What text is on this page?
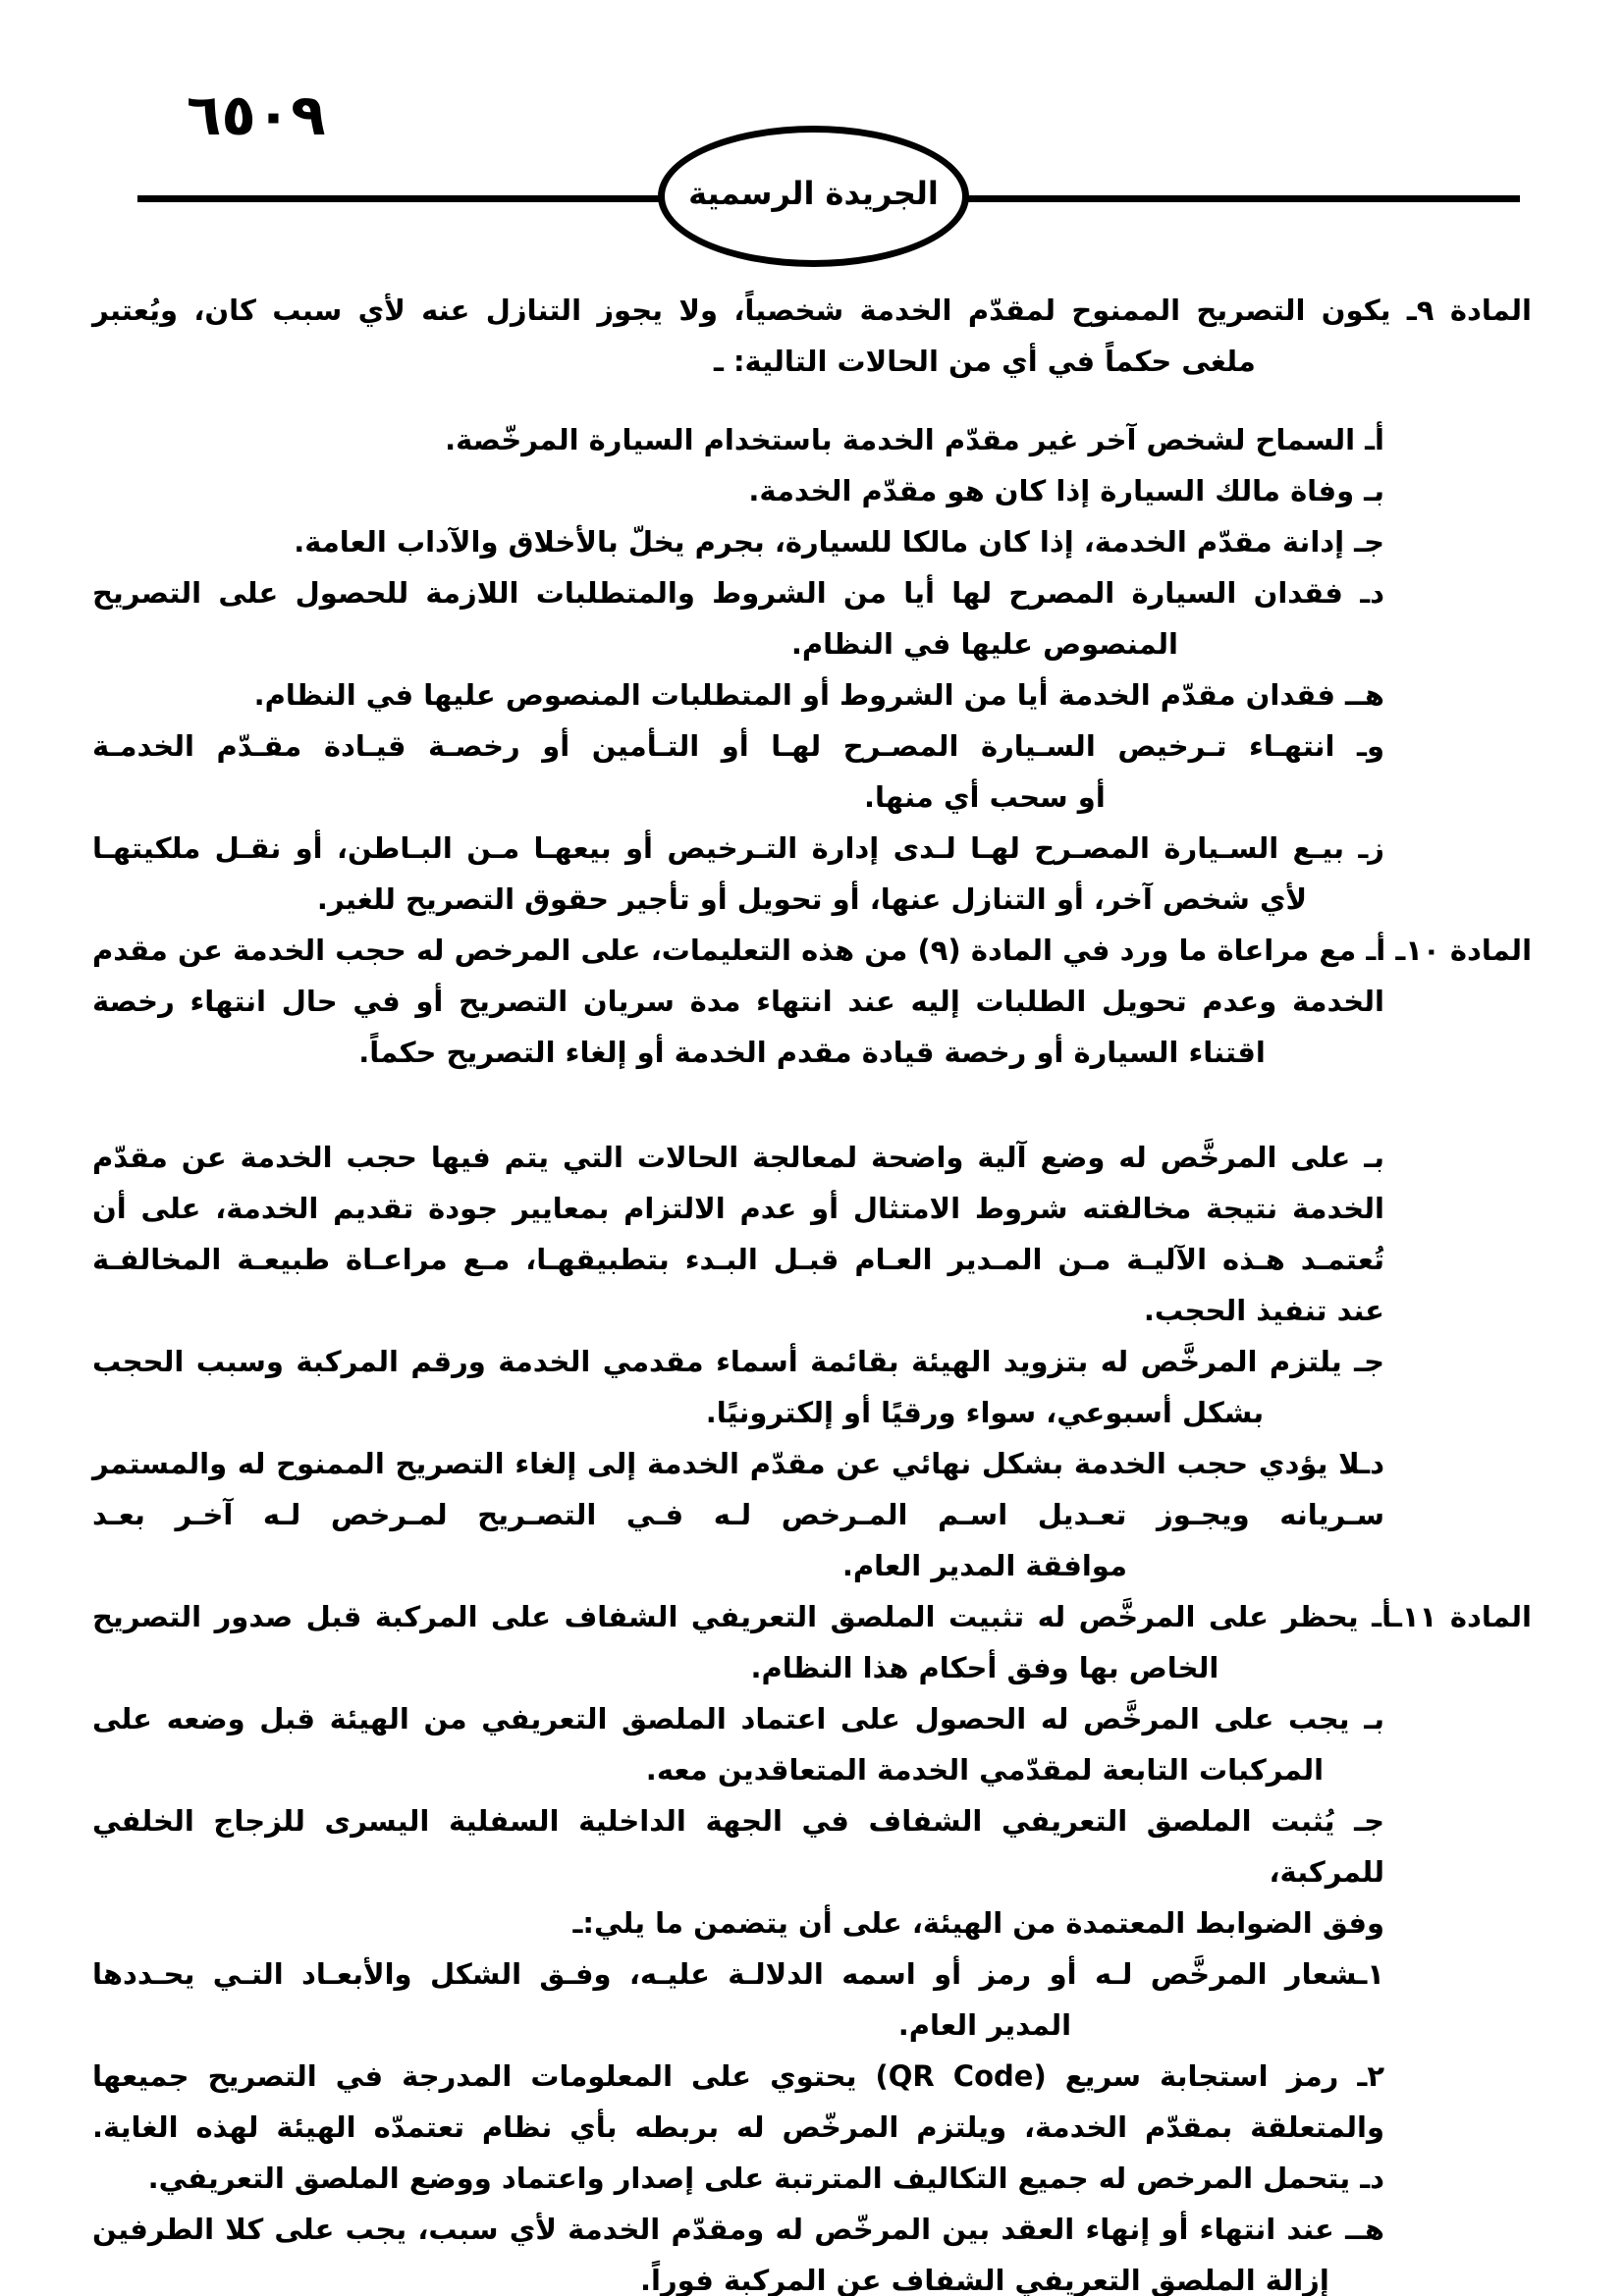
٦٥٠٩
الجريدة الرسمية
المادة ٩ـ يكون التصريح الممنوح لمقدّم الخدمة شخصياً، ولا يجوز التنازل عنه لأي سبب كان، ويُعتبر
ملغى حكماً في أي من الحالات التالية: ـ
أـ السماح لشخص آخر غير مقدّم الخدمة باستخدام السيارة المرخّصة.
بـ وفاة مالك السيارة إذا كان هو مقدّم الخدمة.
جـ إدانة مقدّم الخدمة، إذا كان مالكا للسيارة، بجرم يخلّ بالأخلاق والآداب العامة.
دـ فقدان السيارة المصرح لها أيا من الشروط والمتطلبات اللازمة للحصول على التصريح
المنصوص عليها في النظام.
هــ فقدان مقدّم الخدمة أيا من الشروط أو المتطلبات المنصوص عليها في النظام.
وـ انتهـاء تـرخيص السـيارة المصـرح لهـا أو التـأمين أو رخصـة قيـادة مقـدّم الخدمـة
أو سحب أي منها.
زـ بيـع السـيارة المصـرح لهـا لـدى إدارة التـرخيص أو بيعهـا مـن البـاطن، أو نقـل ملكيتهـا
لأي شخص آخر، أو التنازل عنها، أو تحويل أو تأجير حقوق التصريح للغير.
المادة ١٠ـ أـ مع مراعاة ما ورد في المادة (٩) من هذه التعليمات، على المرخص له حجب الخدمة عن مقدم
الخدمة وعدم تحويل الطلبات إليه عند انتهاء مدة سريان التصريح أو في حال انتهاء رخصة
اقتناء السيارة أو رخصة قيادة مقدم الخدمة أو إلغاء التصريح حكماً.
بـ على المرخَّص له وضع آلية واضحة لمعالجة الحالات التي يتم فيها حجب الخدمة عن مقدّم
الخدمة نتيجة مخالفته شروط الامتثال أو عدم الالتزام بمعايير جودة تقديم الخدمة، على أن
تُعتمـد هـذه الآليـة مـن المـدير العـام قبـل البـدء بتطبيقهـا، مـع مراعـاة طبيعـة المخالفـة
عند تنفيذ الحجب.
جـ يلتزم المرخَّص له بتزويد الهيئة بقائمة أسماء مقدمي الخدمة ورقم المركبة وسبب الحجب
بشكل أسبوعي، سواء ورقيًا أو إلكترونيًا.
دـلا يؤدي حجب الخدمة بشكل نهائي عن مقدّم الخدمة إلى إلغاء التصريح الممنوح له والمستمر
سـريانه ويجـوز تعـديل اسـم المـرخص لـه فـي التصـريح لمـرخص لـه آخـر بعـد
موافقة المدير العام.
المادة ١١ـأـ يحظر على المرخَّص له تثبيت الملصق التعريفي الشفاف على المركبة قبل صدور التصريح
الخاص بها وفق أحكام هذا النظام.
بـ يجب على المرخَّص له الحصول على اعتماد الملصق التعريفي من الهيئة قبل وضعه على
المركبات التابعة لمقدّمي الخدمة المتعاقدين معه.
جـ يُثبت الملصق التعريفي الشفاف في الجهة الداخلية السفلية اليسرى للزجاج الخلفي للمركبة،
وفق الضوابط المعتمدة من الهيئة، على أن يتضمن ما يلي:ـ
١ـشعار المرخَّص لـه أو رمز أو اسمه الدلالـة عليـه، وفـق الشكل والأبعـاد التـي يحـددها
المدير العام.
٢ـ رمز استجابة سريع (QR Code) يحتوي على المعلومات المدرجة في التصريح جميعها
والمتعلقة بمقدّم الخدمة، ويلتزم المرخّص له بربطه بأي نظام تعتمدّه الهيئة لهذه الغاية.
دـ يتحمل المرخص له جميع التكاليف المترتبة على إصدار واعتماد ووضع الملصق التعريفي.
هــ عند انتهاء أو إنهاء العقد بين المرخّص له ومقدّم الخدمة لأي سبب، يجب على كلا الطرفين
إزالة الملصق التعريفي الشفاف عن المركبة فوراً.
